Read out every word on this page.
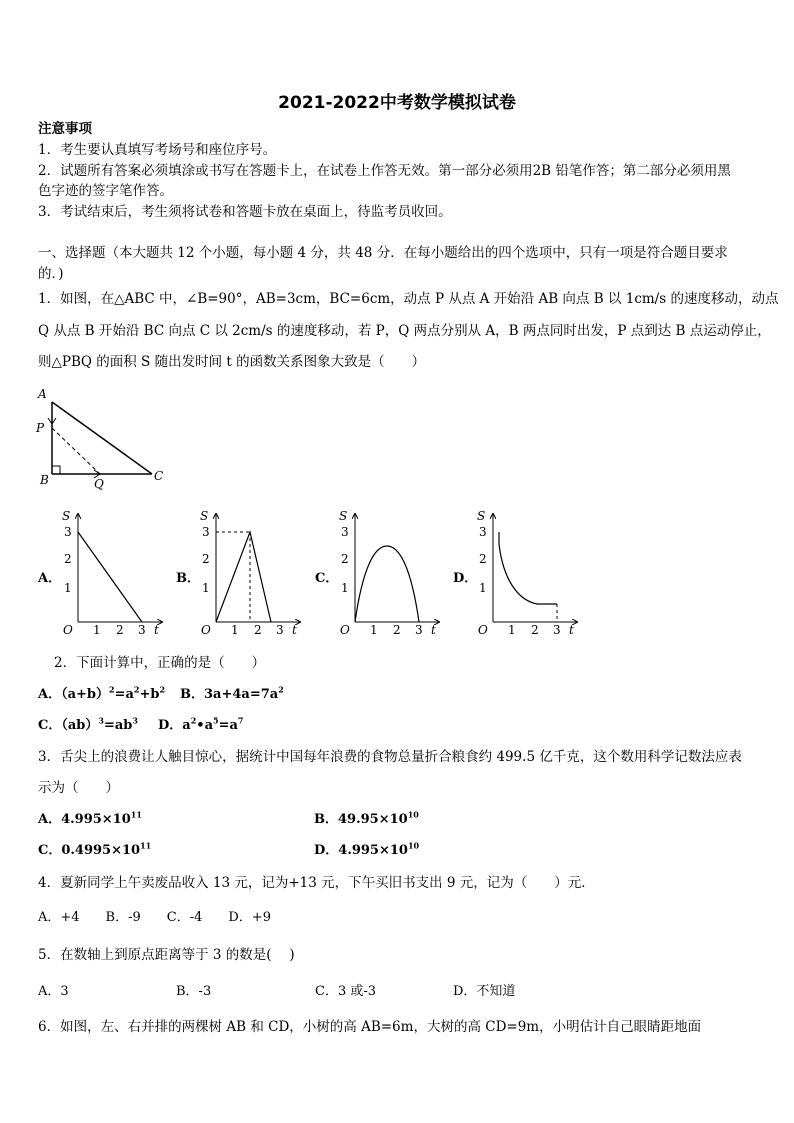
2021-2022中考数学模拟试卷
注意事项
1．考生要认真填写考场号和座位序号。
2．试题所有答案必须填涂或书写在答题卡上，在试卷上作答无效。第一部分必须用2B 铅笔作答；第二部分必须用黑
色字迹的签字笔作答。
3．考试结束后，考生须将试卷和答题卡放在桌面上，待监考员收回。
一、选择题（本大题共 12 个小题，每小题 4 分，共 48 分．在每小题给出的四个选项中，只有一项是符合题目要求
的．)
1．如图，在△ABC 中，∠B=90°，AB=3cm，BC=6cm，动点 P 从点 A 开始沿 AB 向点 B 以 1cm/s 的速度移动，动点
Q 从点 B 开始沿 BC 向点 C 以 2cm/s 的速度移动，若 P，Q 两点分别从 A，B 两点同时出发，P 点到达 B 点运动停止，
则△PBQ 的面积 S 随出发时间 t 的函数关系图象大致是（　　）
A
P
B	Q
C
A．	B．	C．	D．
S
t
O
3
2
1
1 2 3
S
t
O
3
2
1
1 2 3
S
t
O
3
2
1
1 2 3
S
t
O
3
2
1
1 2 3
2．下面计算中，正确的是（　　）
A．$(a+b)^2=a^2+b^2$ B．$3a+4a=7a^2$
C．$(ab)^3=ab^3$ D．$a^2•a^5=a^7$
3．舌尖上的浪费让人触目惊心，据统计中国每年浪费的食物总量折合粮食约 499.5 亿千克，这个数用科学记数法应表
示为（　　）
A．$4.995\times 10^{11}$	B．$49.95\times 10^{10}$
C．$0.4995\times 10^{11}$	D．$4.995\times 10^{10}$
4．夏新同学上午卖废品收入 13 元，记为+13 元，下午买旧书支出 9 元，记为（　　）元．
A．+4　　B．-9　　C．-4　　D．+9
5．在数轴上到原点距离等于 3 的数是(　 )
A．3	B．-3	C．3 或-3	D．不知道
6．如图，左、右并排的两棵树 AB 和 CD，小树的高 AB=6m，大树的高 CD=9m，小明估计自己眼睛距地面
